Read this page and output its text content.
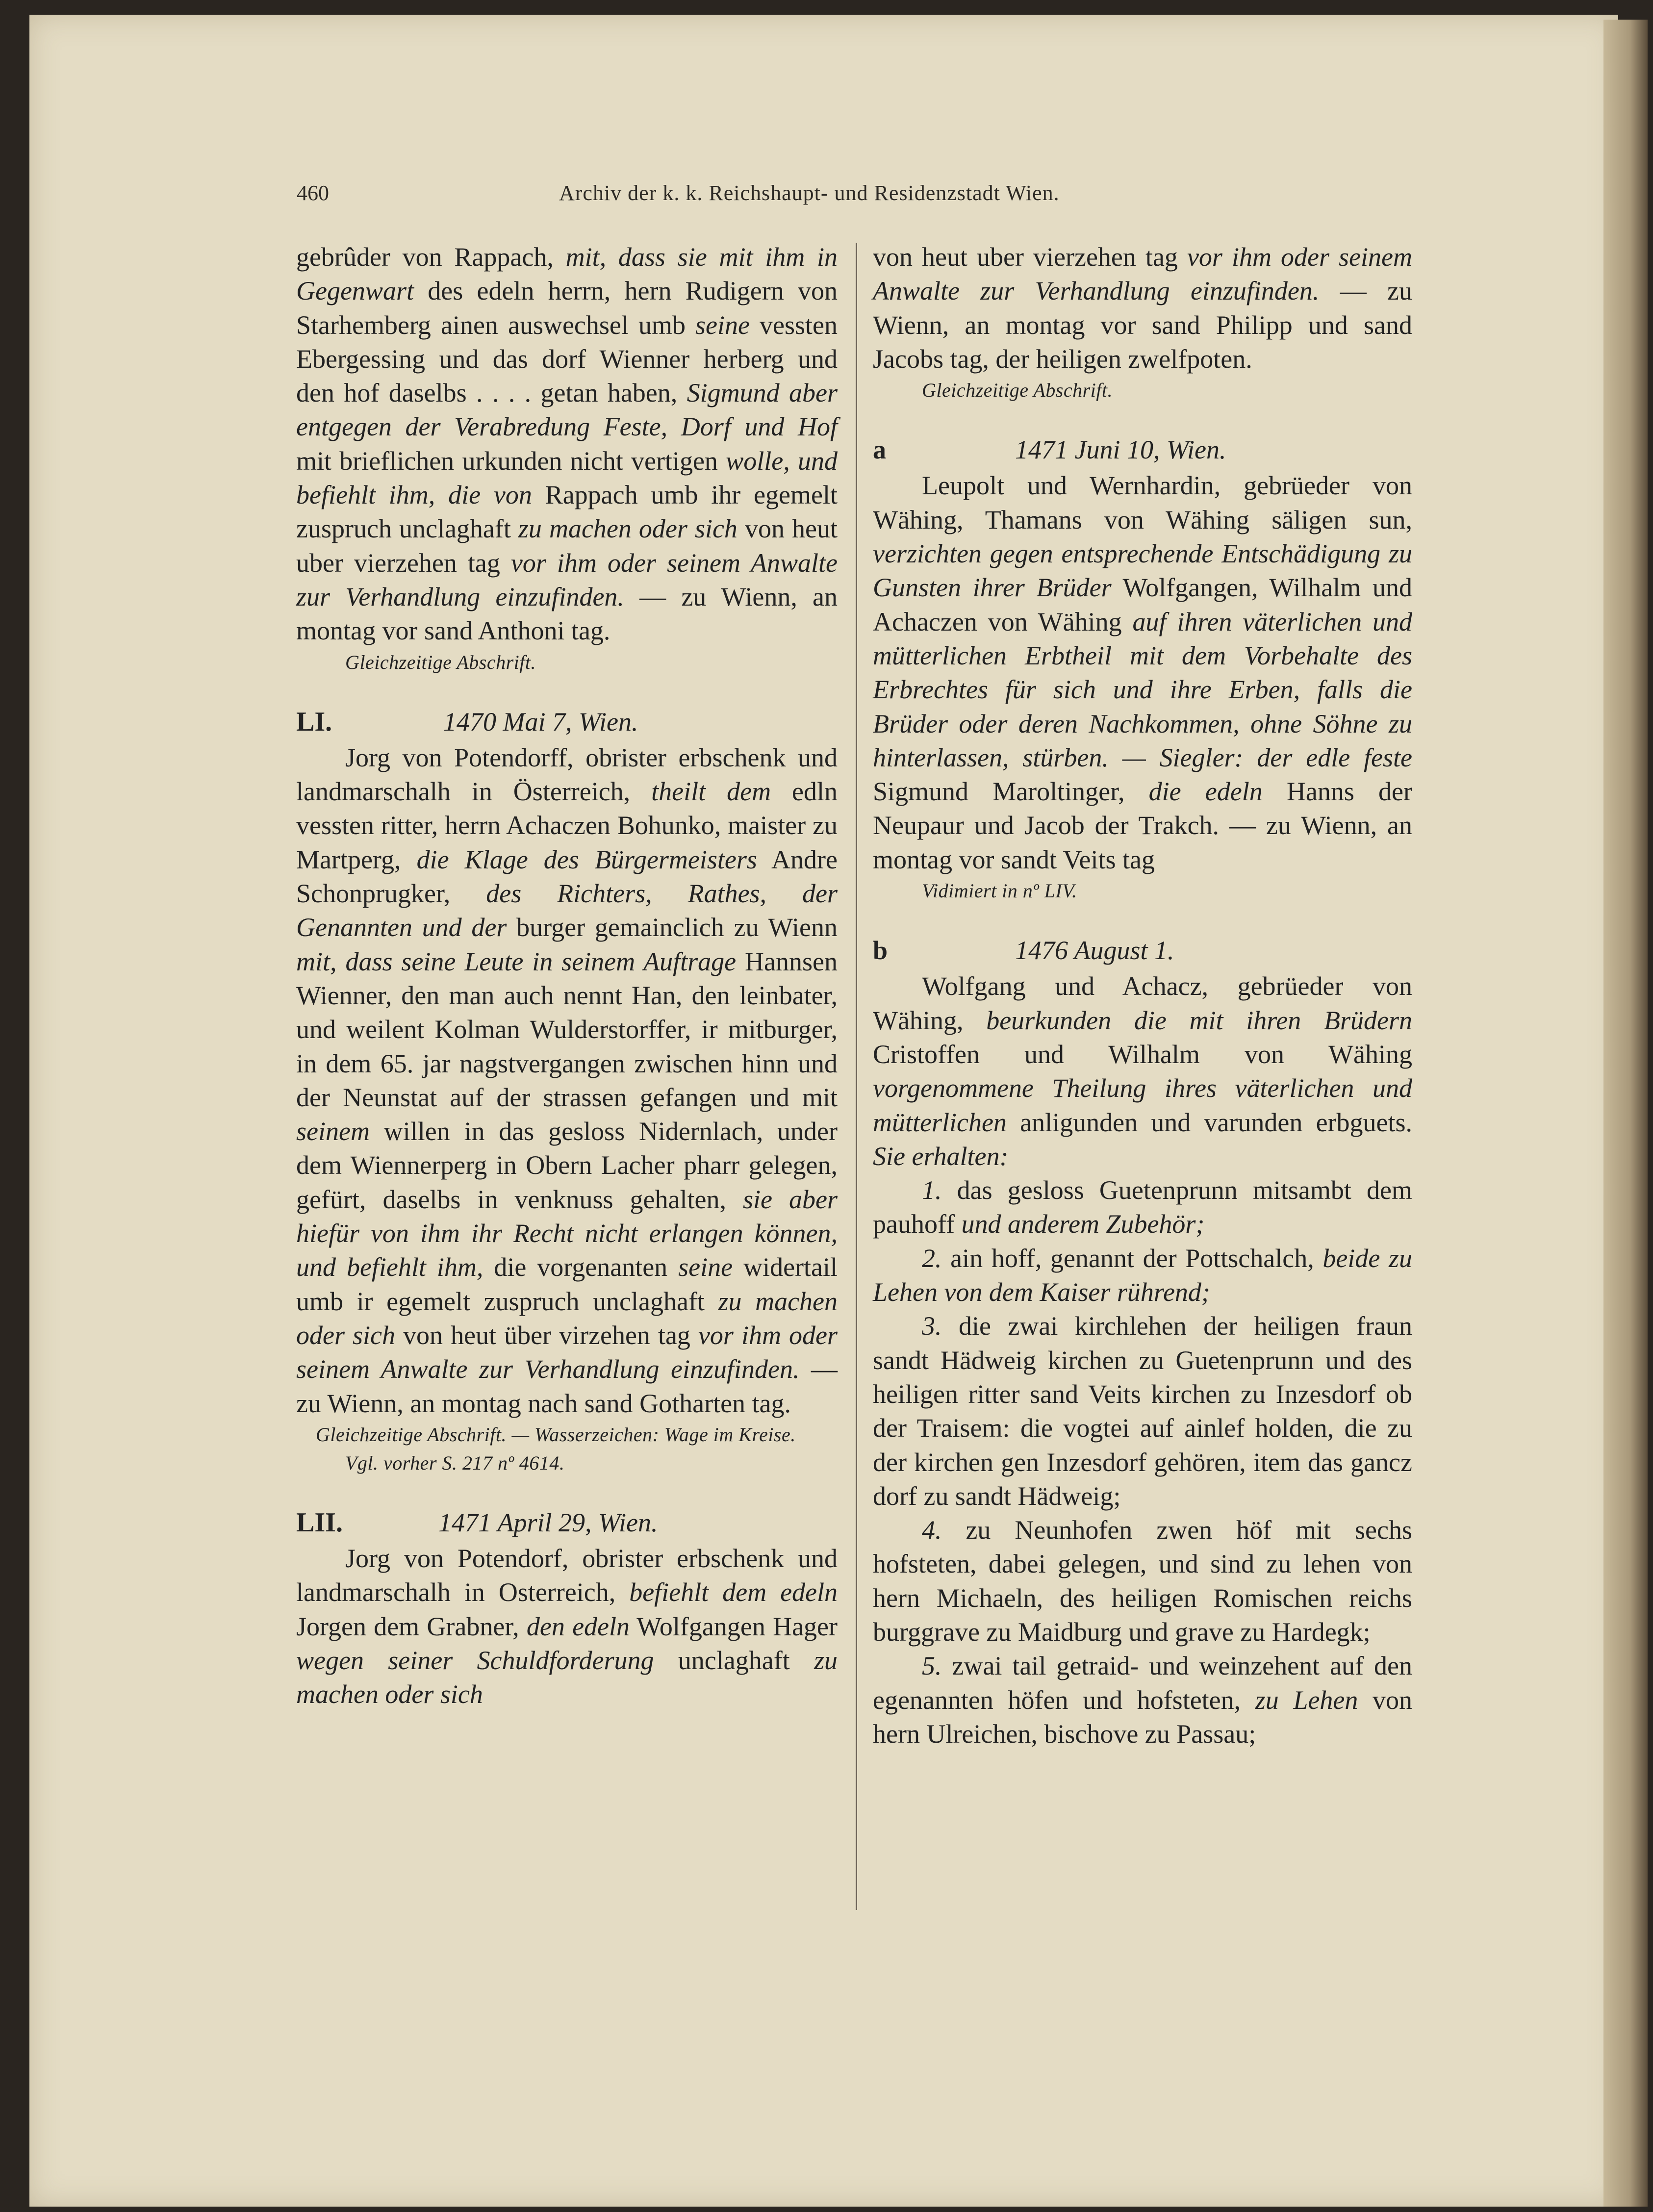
460	Archiv der k. k. Reichshaupt- und Residenzstadt Wien.

gebrûder von Rappach, mit, dass sie mit ihm in Gegenwart des edeln herrn, hern Rudigern von Starhemberg ainen auswechsel umb seine vessten Ebergessing und das dorf Wienner herberg und den hof daselbs . . . . getan haben, Sigmund aber entgegen der Verabredung Feste, Dorf und Hof mit brieflichen urkunden nicht vertigen wolle, und befiehlt ihm, die von Rappach umb ihr egemelt zuspruch unclaghaft zu machen oder sich von heut uber vierzehen tag vor ihm oder seinem Anwalte zur Verhandlung einzufinden. — zu Wienn, an montag vor sand Anthoni tag.

Gleichzeitige Abschrift.
LI.	1470 Mai 7, Wien.

Jorg von Potendorff, obrister erbschenk und landmarschalh in Österreich, theilt dem edln vessten ritter, herrn Achaczen Bohunko, maister zu Martperg, die Klage des Bürgermeisters Andre Schonprugker, des Richters, Rathes, der Genannten und der burger gemainclich zu Wienn mit, dass seine Leute in seinem Auftrage Hannsen Wienner, den man auch nennt Han, den leinbater, und weilent Kolman Wulderstorffer, ir mitburger, in dem 65. jar nagstvergangen zwischen hinn und der Neunstat auf der strassen gefangen und mit seinem willen in das gesloss Nidernlach, under dem Wiennerperg in Obern Lacher pharr gelegen, gefürt, daselbs in venknuss gehalten, sie aber hiefür von ihm ihr Recht nicht erlangen können, und befiehlt ihm, die vorgenanten seine widertail umb ir egemelt zuspruch unclaghaft zu machen oder sich von heut über virzehen tag vor ihm oder seinem Anwalte zur Verhandlung einzufinden. — zu Wienn, an montag nach sand Gotharten tag.

Gleichzeitige Abschrift. — Wasserzeichen: Wage im Kreise.
Vgl. vorher S. 217 nº 4614.
LII.	1471 April 29, Wien.

Jorg von Potendorf, obrister erbschenk und landmarschalh in Osterreich, befiehlt dem edeln Jorgen dem Grabner, den edeln Wolfgangen Hager wegen seiner Schuldforderung unclaghaft zu machen oder sich

von heut uber vierzehen tag vor ihm oder seinem Anwalte zur Verhandlung einzufinden. — zu Wienn, an montag vor sand Philipp und sand Jacobs tag, der heiligen zwelfpoten.

Gleichzeitige Abschrift.
a	1471 Juni 10, Wien.

Leupolt und Wernhardin, gebrüeder von Wähing, Thamans von Wähing säligen sun, verzichten gegen entsprechende Entschädigung zu Gunsten ihrer Brüder Wolfgangen, Wilhalm und Achaczen von Wähing auf ihren väterlichen und mütterlichen Erbtheil mit dem Vorbehalte des Erbrechtes für sich und ihre Erben, falls die Brüder oder deren Nachkommen, ohne Söhne zu hinterlassen, stürben. — Siegler: der edle feste Sigmund Maroltinger, die edeln Hanns der Neupaur und Jacob der Trakch. — zu Wienn, an montag vor sandt Veits tag

Vidimiert in nº LIV.
b	1476 August 1.

Wolfgang und Achacz, gebrüeder von Wähing, beurkunden die mit ihren Brüdern Cristoffen und Wilhalm von Wähing vorgenommene Theilung ihres väterlichen und mütterlichen anligunden und varunden erbguets. Sie erhalten:

1. das gesloss Guetenprunn mitsambt dem pauhoff und anderem Zubehör;

2. ain hoff, genannt der Pottschalch, beide zu Lehen von dem Kaiser rührend;

3. die zwai kirchlehen der heiligen fraun sandt Hädweig kirchen zu Guetenprunn und des heiligen ritter sand Veits kirchen zu Inzesdorf ob der Traisem: die vogtei auf ainlef holden, die zu der kirchen gen Inzesdorf gehören, item das gancz dorf zu sandt Hädweig;

4. zu Neunhofen zwen höf mit sechs hofsteten, dabei gelegen, und sind zu lehen von hern Michaeln, des heiligen Romischen reichs burggrave zu Maidburg und grave zu Hardegk;

5. zwai tail getraid- und weinzehent auf den egenannten höfen und hofsteten, zu Lehen von hern Ulreichen, bischove zu Passau;
